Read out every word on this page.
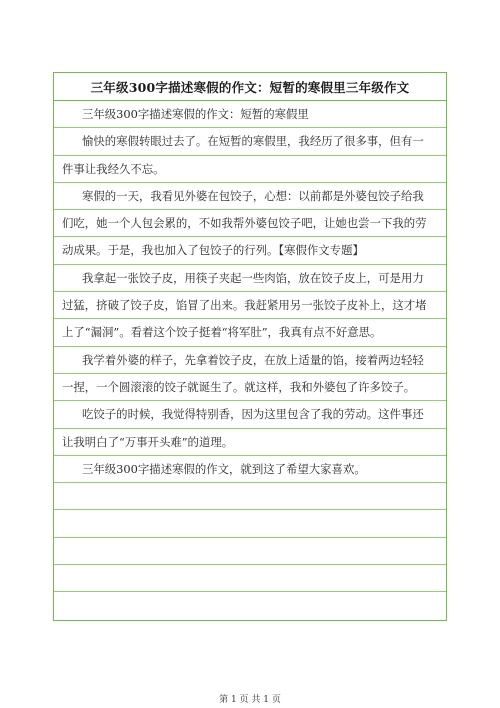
三年级300字描述寒假的作文：短暂的寒假里三年级作文
三年级300字描述寒假的作文：短暂的寒假里
愉快的寒假转眼过去了。在短暂的寒假里，我经历了很多事，但有一
件事让我经久不忘。
寒假的一天，我看见外婆在包饺子，心想：以前都是外婆包饺子给我
们吃，她一个人包会累的，不如我帮外婆包饺子吧，让她也尝一下我的劳
动成果。于是，我也加入了包饺子的行列。【寒假作文专题】
我拿起一张饺子皮，用筷子夹起一些肉馅，放在饺子皮上，可是用力
过猛，挤破了饺子皮，馅冒了出来。我赶紧用另一张饺子皮补上，这才堵
上了“漏洞”。看着这个饺子挺着“将军肚”，我真有点不好意思。
我学着外婆的样子，先拿着饺子皮，在放上适量的馅，接着两边轻轻
一捏，一个圆滚滚的饺子就诞生了。就这样，我和外婆包了许多饺子。
吃饺子的时候，我觉得特别香，因为这里包含了我的劳动。这件事还
让我明白了“万事开头难”的道理。
三年级300字描述寒假的作文，就到这了希望大家喜欢。
第 1 页 共 1 页
